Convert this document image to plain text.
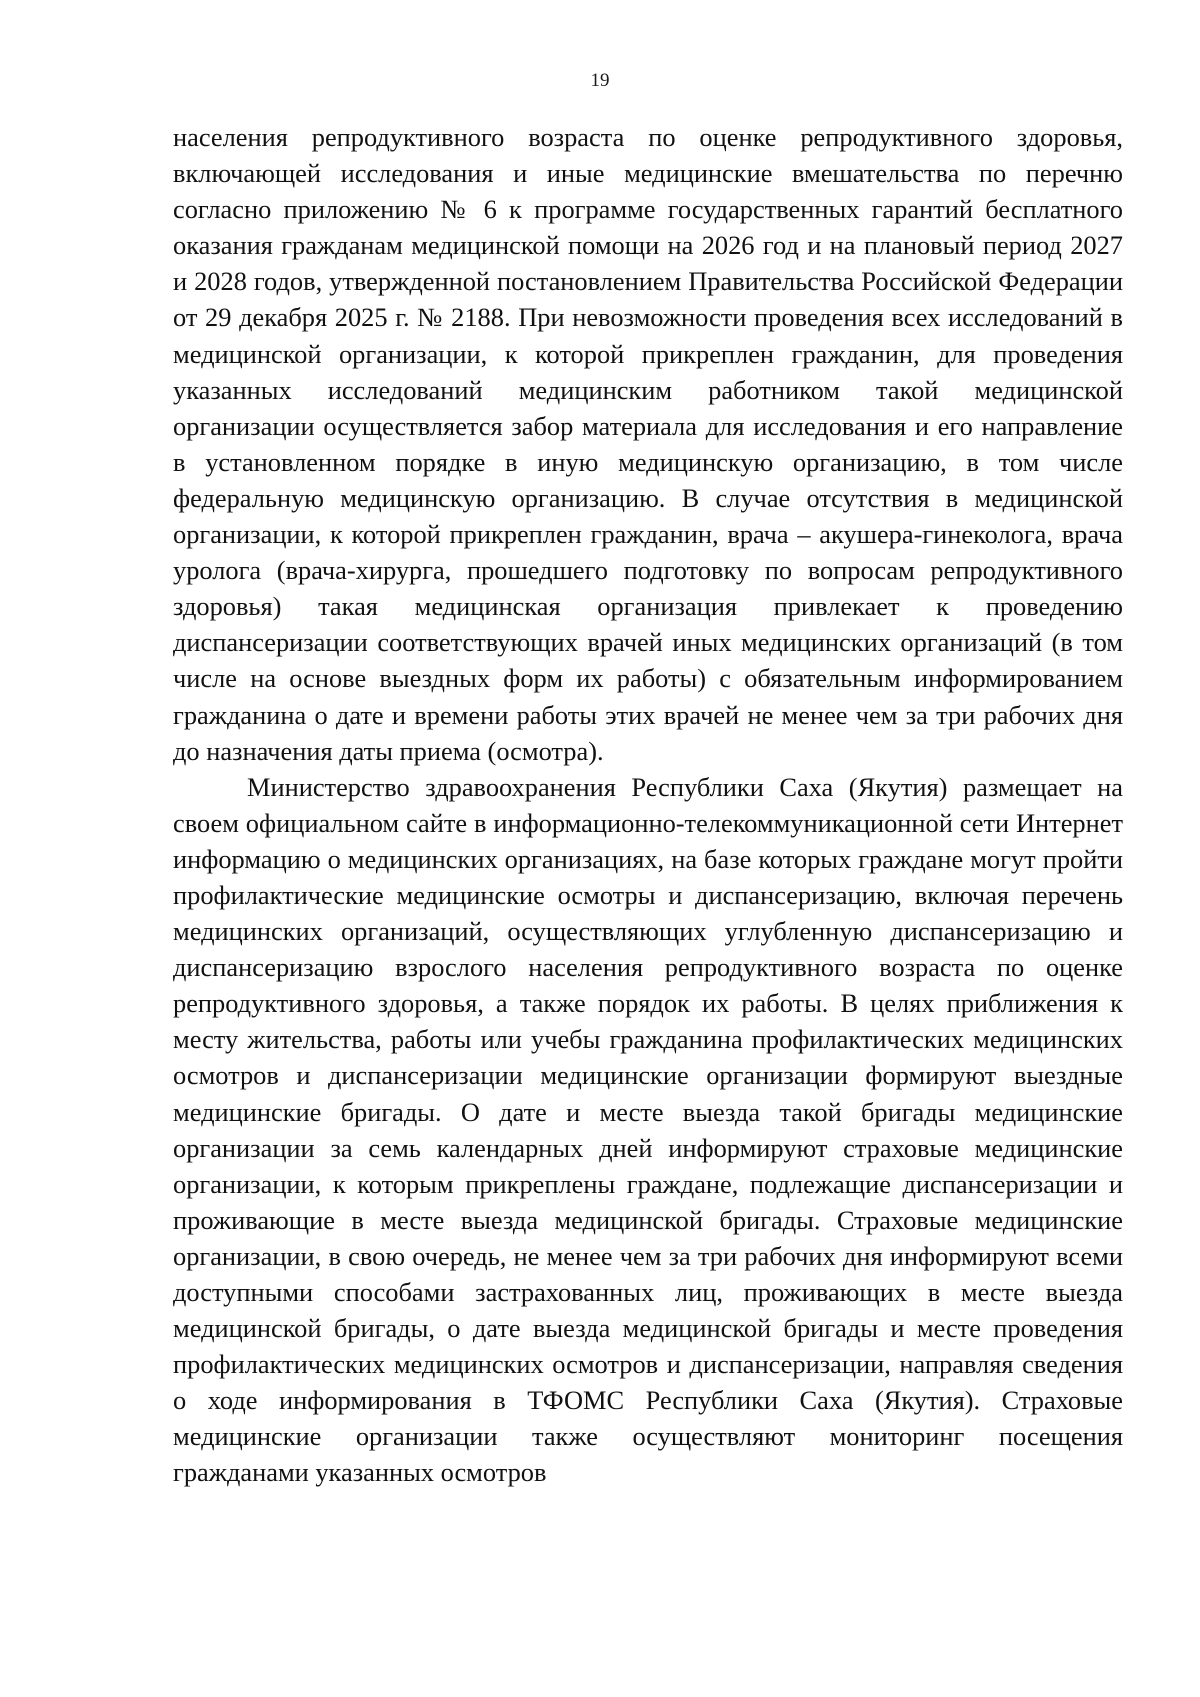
19

населения репродуктивного возраста по оценке репродуктивного здоровья, включающей исследования и иные медицинские вмешательства по перечню согласно приложению № 6 к программе государственных гарантий бесплатного оказания гражданам медицинской помощи на 2026 год и на плановый период 2027 и 2028 годов, утвержденной постановлением Правительства Российской Федерации от 29 декабря 2025 г. № 2188. При невозможности проведения всех исследований в медицинской организации, к которой прикреплен гражданин, для проведения указанных исследований медицинским работником такой медицинской организации осуществляется забор материала для исследования и его направление в установленном порядке в иную медицинскую организацию, в том числе федеральную медицинскую организацию. В случае отсутствия в медицинской организации, к которой прикреплен гражданин, врача – акушера-гинеколога, врача уролога (врача-хирурга, прошедшего подготовку по вопросам репродуктивного здоровья) такая медицинская организация привлекает к проведению диспансеризации соответствующих врачей иных медицинских организаций (в том числе на основе выездных форм их работы) с обязательным информированием гражданина о дате и времени работы этих врачей не менее чем за три рабочих дня до назначения даты приема (осмотра).

Министерство здравоохранения Республики Саха (Якутия) размещает на своем официальном сайте в информационно-телекоммуникационной сети Интернет информацию о медицинских организациях, на базе которых граждане могут пройти профилактические медицинские осмотры и диспансеризацию, включая перечень медицинских организаций, осуществляющих углубленную диспансеризацию и диспансеризацию взрослого населения репродуктивного возраста по оценке репродуктивного здоровья, а также порядок их работы. В целях приближения к месту жительства, работы или учебы гражданина профилактических медицинских осмотров и диспансеризации медицинские организации формируют выездные медицинские бригады. О дате и месте выезда такой бригады медицинские организации за семь календарных дней информируют страховые медицинские организации, к которым прикреплены граждане, подлежащие диспансеризации и проживающие в месте выезда медицинской бригады. Страховые медицинские организации, в свою очередь, не менее чем за три рабочих дня информируют всеми доступными способами застрахованных лиц, проживающих в месте выезда медицинской бригады, о дате выезда медицинской бригады и месте проведения профилактических медицинских осмотров и диспансеризации, направляя сведения о ходе информирования в ТФОМС Республики Саха (Якутия). Страховые медицинские организации также осуществляют мониторинг посещения гражданами указанных осмотров
